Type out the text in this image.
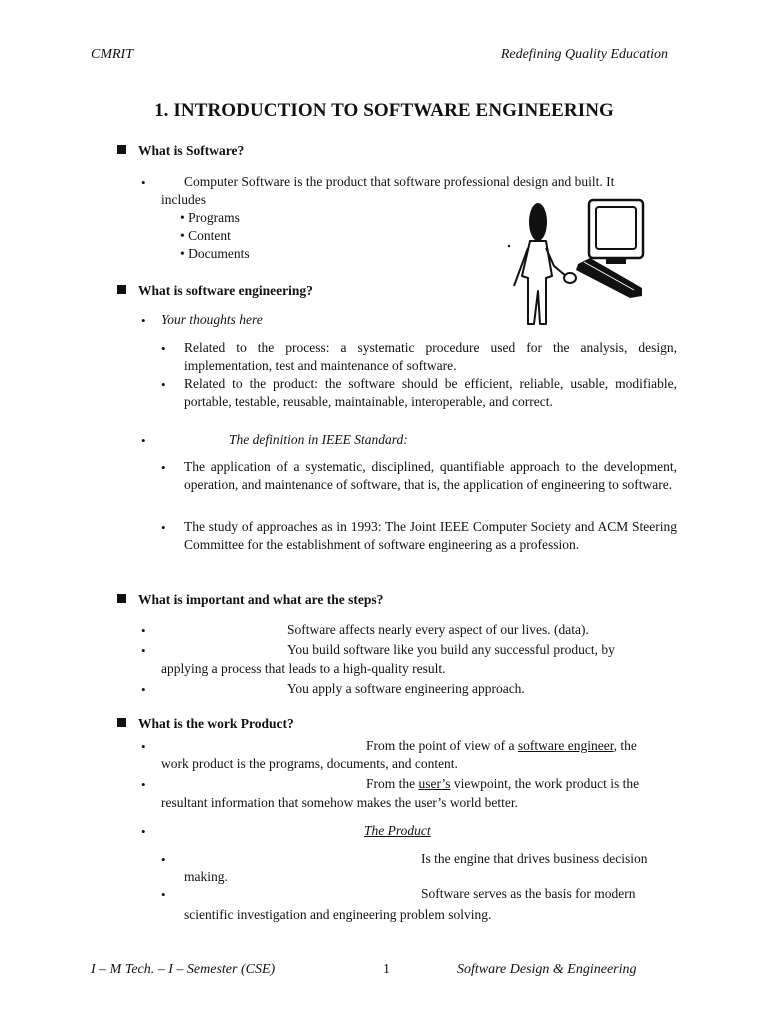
CMRIT	Redefining Quality Education
1. INTRODUCTION TO SOFTWARE ENGINEERING
What is Software?
•	Computer Software is the product that software professional design and built. It
includes
• Programs
• Content
• Documents
What is software engineering?
• Your thoughts here
• Related to the process: a systematic procedure used for the analysis, design, implementation, test and maintenance of software.
• Related to the product: the software should be efficient, reliable, usable, modifiable, portable, testable, reusable, maintainable, interoperable, and correct.
•	The definition in IEEE Standard:
• The application of a systematic, disciplined, quantifiable approach to the development, operation, and maintenance of software, that is, the application of engineering to software.
• The study of approaches as in 1993: The Joint IEEE Computer Society and ACM Steering Committee for the establishment of software engineering as a profession.
What is important and what are the steps?
•	Software affects nearly every aspect of our lives. (data).
•	You build software like you build any successful product, by
applying a process that leads to a high-quality result.
•	You apply a software engineering approach.
What is the work Product?
•	From the point of view of a software engineer, the
work product is the programs, documents, and content.
•	From the user’s viewpoint, the work product is the
resultant information that somehow makes the user’s world better.
•	The Product
•	Is the engine that drives business decision
making.
•	Software serves as the basis for modern
scientific investigation and engineering problem solving.
I – M Tech. – I – Semester (CSE)	1	Software Design & Engineering
